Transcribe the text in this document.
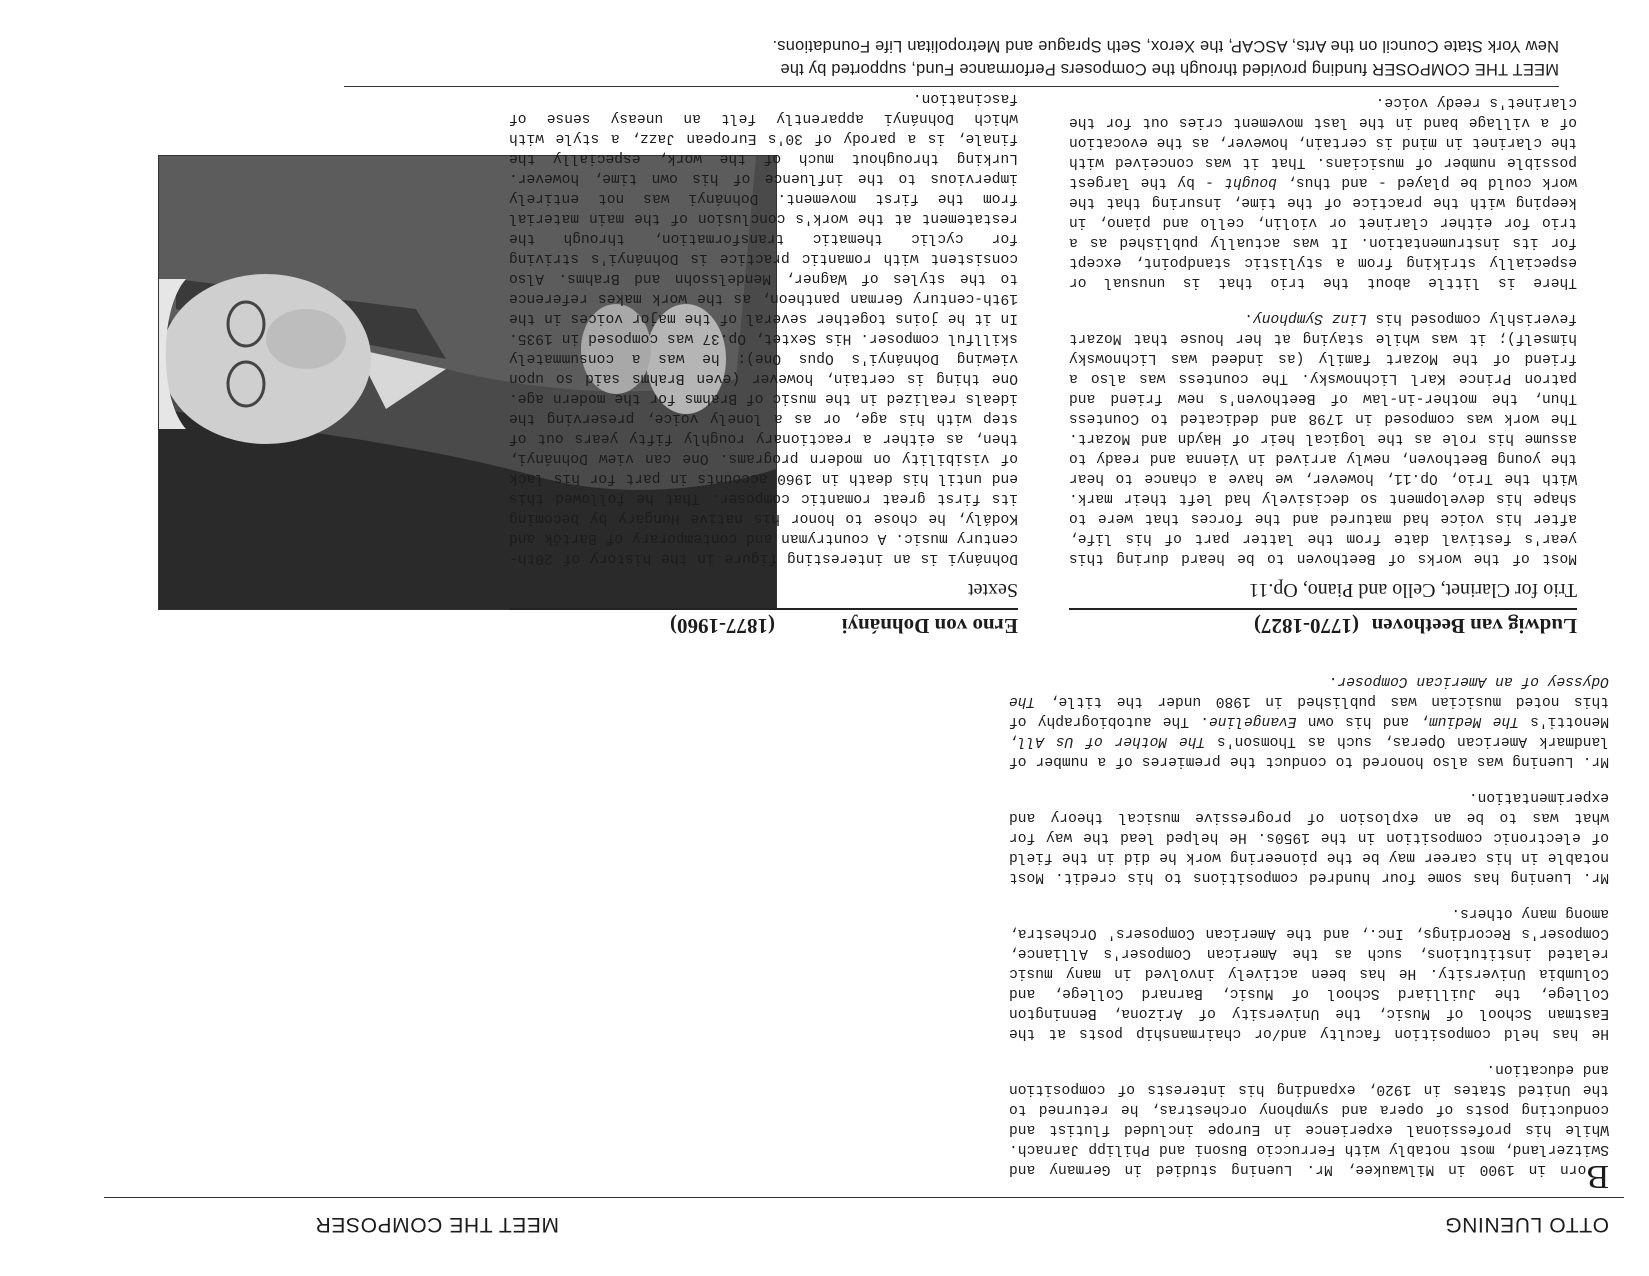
OTTO LUENING
MEET THE COMPOSER

Born in 1900 in Milwaukee, Mr. Luening studied in Germany and Switzerland, most notably with Ferruccio Busoni and Philipp Jarnach. While his professional experience in Europe included flutist and conducting posts of opera and symphony orchestras, he returned to the United States in 1920, expanding his interests of composition and education.

He has held composition faculty and/or chairmanship posts at the Eastman School of Music, the University of Arizona, Bennington College, the Juilliard School of Music, Barnard College, and Columbia University. He has been actively involved in many music related institutions, such as the American Composer's Alliance, Composer's Recordings, Inc., and the American Composers' Orchestra, among many others.

Mr. Luening has some four hundred compositions to his credit. Most notable in his career may be the pioneering work he did in the field of electronic composition in the 1950s. He helped lead the way for what was to be an explosion of progressive musical theory and experimentation.

Mr. Luening was also honored to conduct the premieres of a number of landmark American Operas, such as Thomson's The Mother of Us All, Menotti's The Medium, and his own Evangeline. The autobiography of this noted musician was published in 1980 under the title, The Odyssey of an American Composer.

Ludwig van Beethoven
(1770-1827)
Trio for Clarinet, Cello and Piano, Op.11

Most of the works of Beethoven to be heard during this year's festival date from the latter part of his life, after his voice had matured and the forces that were to shape his development so decisively had left their mark. With the Trio, Op.11, however, we have a chance to hear the young Beethoven, newly arrived in Vienna and ready to assume his role as the logical heir of Haydn and Mozart. The work was composed in 1798 and dedicated to Countess Thun, the mother-in-law of Beethoven's new friend and patron Prince Karl Lichnowsky. The countess was also a friend of the Mozart family (as indeed was Lichnowsky himself); it was while staying at her house that Mozart feverishly composed his Linz Symphony.

There is little about the trio that is unusual or especially striking from a stylistic standpoint, except for its instrumentation. It was actually published as a trio for either clarinet or violin, cello and piano, in keeping with the practice of the time, insuring that the work could be played - and thus, bought - by the largest possible number of musicians. That it was conceived with the clarinet in mind is certain, however, as the evocation of a village band in the last movement cries out for the clarinet's reedy voice.

Erno von Dohnányi
(1877-1960)
Sextet

Dohnányi is an interesting figure in the history of 20th-century music. A countryman and contemporary of Bartók and Kodály, he chose to honor his native Hungary by becoming its first great romantic composer. That he followed this end until his death in 1960 accounts in part for his lack of visibility on modern programs. One can view Dohnányi, then, as either a reactionary roughly fifty years out of step with his age, or as a lonely voice, preserving the ideals realized in the music of Brahms for the modern age. One thing is certain, however (even Brahms said so upon viewing Dohnányi's Opus One): he was a consummately skillful composer. His Sextet, Op.37 was composed in 1935. In it he joins together several of the major voices in the 19th-century German pantheon, as the work makes reference to the styles of Wagner, Mendelssohn and Brahms. Also consistent with romantic practice is Dohnányi's striving for cyclic thematic transformation, through the restatement at the work's conclusion of the main material from the first movement. Dohnányi was not entirely impervious to the influence of his own time, however. Lurking throughout much of the work, especially the finale, is a parody of 30's European Jazz, a style with which Dohnányi apparently felt an uneasy sense of fascination.

MEET THE COMPOSER funding provided through the Composers Performance Fund, supported by the

New York State Council on the Arts, ASCAP, the Xerox, Seth Sprague and Metropolitan Life Foundations.
